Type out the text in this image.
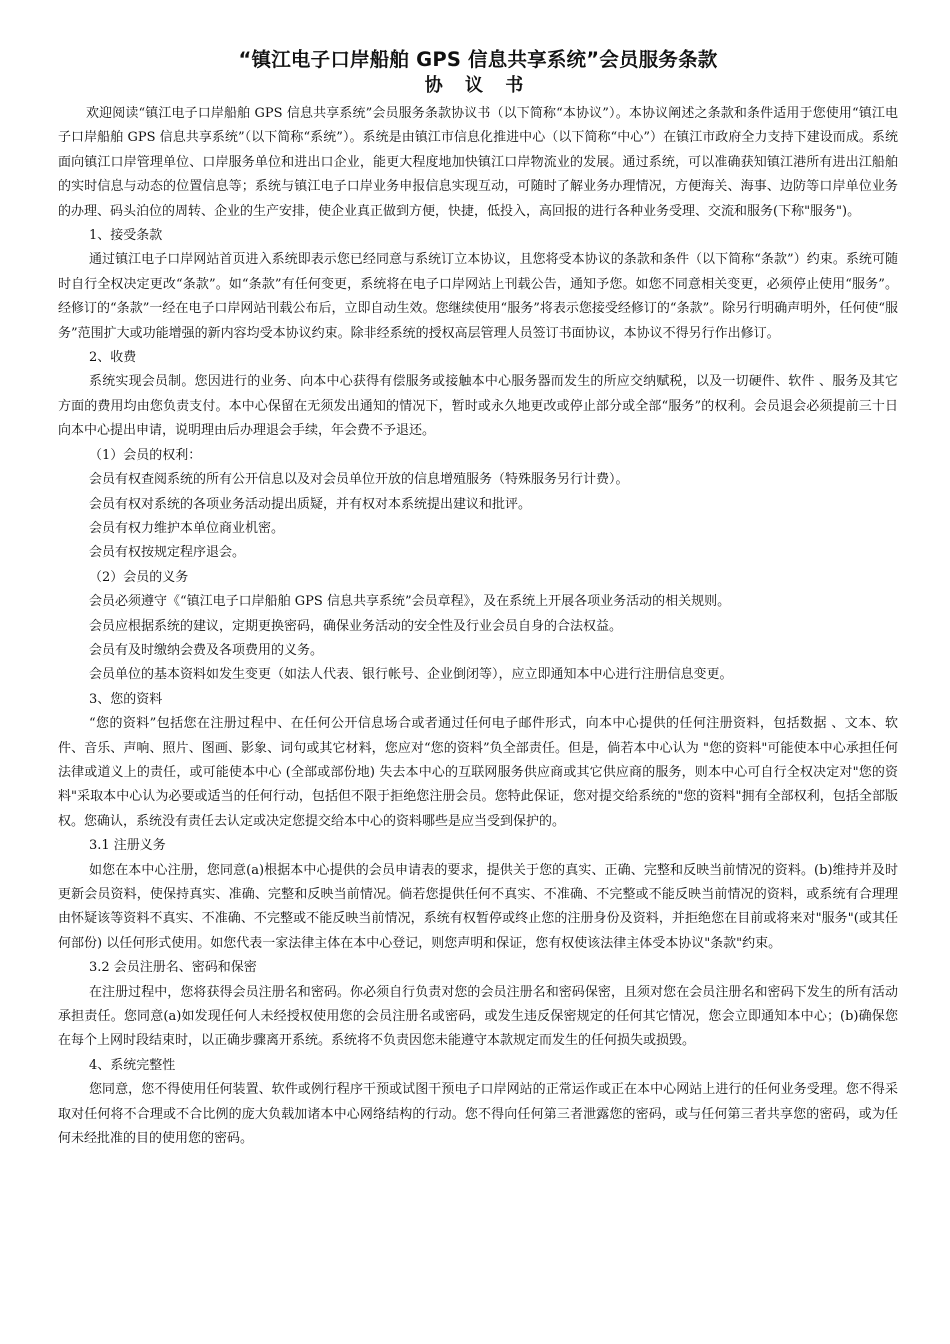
“镇江电子口岸船舶 GPS 信息共享系统”会员服务条款
协 议 书

欢迎阅读“镇江电子口岸船舶 GPS 信息共享系统”会员服务条款协议书（以下简称“本协议”）。本协议阐述之条款和条件适用于您使用“镇江电子口岸船舶 GPS 信息共享系统”（以下简称“系统”）。系统是由镇江市信息化推进中心（以下简称“中心”）在镇江市政府全力支持下建设而成。系统面向镇江口岸管理单位、口岸服务单位和进出口企业，能更大程度地加快镇江口岸物流业的发展。通过系统，可以准确获知镇江港所有进出江船舶的实时信息与动态的位置信息等；系统与镇江电子口岸业务申报信息实现互动，可随时了解业务办理情况，方便海关、海事、边防等口岸单位业务的办理、码头泊位的周转、企业的生产安排，使企业真正做到方便，快捷，低投入，高回报的进行各种业务受理、交流和服务(下称"服务")。

1、接受条款

通过镇江电子口岸网站首页进入系统即表示您已经同意与系统订立本协议，且您将受本协议的条款和条件（以下简称“条款”）约束。系统可随时自行全权决定更改“条款”。如“条款”有任何变更，系统将在电子口岸网站上刊载公告，通知予您。如您不同意相关变更，必须停止使用“服务”。经修订的“条款”一经在电子口岸网站刊载公布后，立即自动生效。您继续使用“服务”将表示您接受经修订的“条款”。除另行明确声明外，任何使“服务”范围扩大或功能增强的新内容均受本协议约束。除非经系统的授权高层管理人员签订书面协议，本协议不得另行作出修订。

2、收费

系统实现会员制。您因进行的业务、向本中心获得有偿服务或接触本中心服务器而发生的所应交纳赋税，以及一切硬件、软件 、服务及其它方面的费用均由您负责支付。本中心保留在无须发出通知的情况下，暂时或永久地更改或停止部分或全部“服务”的权利。会员退会必须提前三十日向本中心提出申请，说明理由后办理退会手续，年会费不予退还。

（1）会员的权利：

会员有权查阅系统的所有公开信息以及对会员单位开放的信息增殖服务（特殊服务另行计费）。

会员有权对系统的各项业务活动提出质疑，并有权对本系统提出建议和批评。

会员有权力维护本单位商业机密。

会员有权按规定程序退会。

（2）会员的义务

会员必须遵守《“镇江电子口岸船舶 GPS 信息共享系统”会员章程》，及在系统上开展各项业务活动的相关规则。

会员应根据系统的建议，定期更换密码，确保业务活动的安全性及行业会员自身的合法权益。

会员有及时缴纳会费及各项费用的义务。

会员单位的基本资料如发生变更（如法人代表、银行帐号、企业倒闭等），应立即通知本中心进行注册信息变更。

3、您的资料

“您的资料”包括您在注册过程中、在任何公开信息场合或者通过任何电子邮件形式，向本中心提供的任何注册资料，包括数据 、文本、软件、音乐、声响、照片、图画、影象、词句或其它材料，您应对“您的资料”负全部责任。但是，倘若本中心认为 "您的资料"可能使本中心承担任何法律或道义上的责任，或可能使本中心 (全部或部份地) 失去本中心的互联网服务供应商或其它供应商的服务，则本中心可自行全权决定对"您的资料"采取本中心认为必要或适当的任何行动，包括但不限于拒绝您注册会员。您特此保证，您对提交给系统的"您的资料"拥有全部权利，包括全部版权。您确认，系统没有责任去认定或决定您提交给本中心的资料哪些是应当受到保护的。

3.1 注册义务

如您在本中心注册，您同意(a)根据本中心提供的会员申请表的要求，提供关于您的真实、正确、完整和反映当前情况的资料。(b)维持并及时更新会员资料，使保持真实、准确、完整和反映当前情况。倘若您提供任何不真实、不准确、不完整或不能反映当前情况的资料，或系统有合理理由怀疑该等资料不真实、不准确、不完整或不能反映当前情况，系统有权暂停或终止您的注册身份及资料，并拒绝您在目前或将来对"服务"(或其任何部份) 以任何形式使用。如您代表一家法律主体在本中心登记，则您声明和保证，您有权使该法律主体受本协议"条款"约束。

3.2 会员注册名、密码和保密

在注册过程中，您将获得会员注册名和密码。你必须自行负责对您的会员注册名和密码保密，且须对您在会员注册名和密码下发生的所有活动承担责任。您同意(a)如发现任何人未经授权使用您的会员注册名或密码，或发生违反保密规定的任何其它情况，您会立即通知本中心；(b)确保您在每个上网时段结束时，以正确步骤离开系统。系统将不负责因您未能遵守本款规定而发生的任何损失或损毁。

4、系统完整性

您同意，您不得使用任何装置、软件或例行程序干预或试图干预电子口岸网站的正常运作或正在本中心网站上进行的任何业务受理。您不得采取对任何将不合理或不合比例的庞大负载加诸本中心网络结构的行动。您不得向任何第三者泄露您的密码，或与任何第三者共享您的密码，或为任何未经批准的目的使用您的密码。
